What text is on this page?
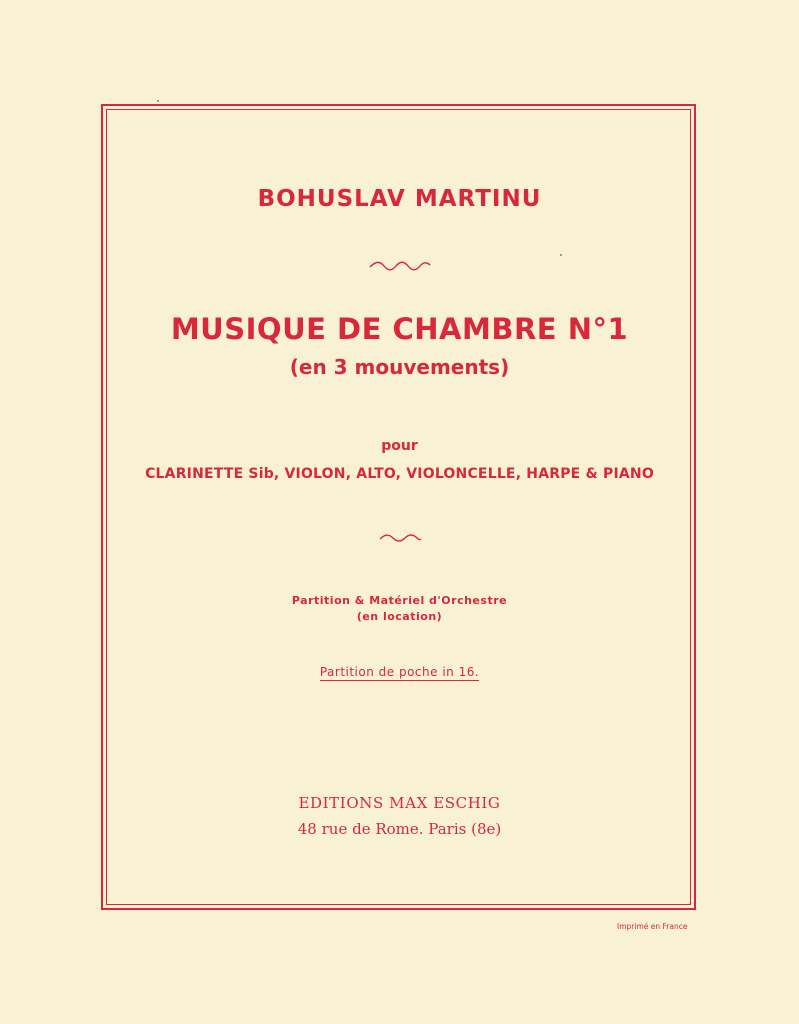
BOHUSLAV MARTINU
MUSIQUE DE CHAMBRE N°1
(en 3 mouvements)
pour
CLARINETTE Sib, VIOLON, ALTO, VIOLONCELLE, HARPE & PIANO
Partition & Matériel d'Orchestre
(en location)
Partition de poche in 16.
EDITIONS MAX ESCHIG
48 rue de Rome. Paris (8e)
Imprimé en France
